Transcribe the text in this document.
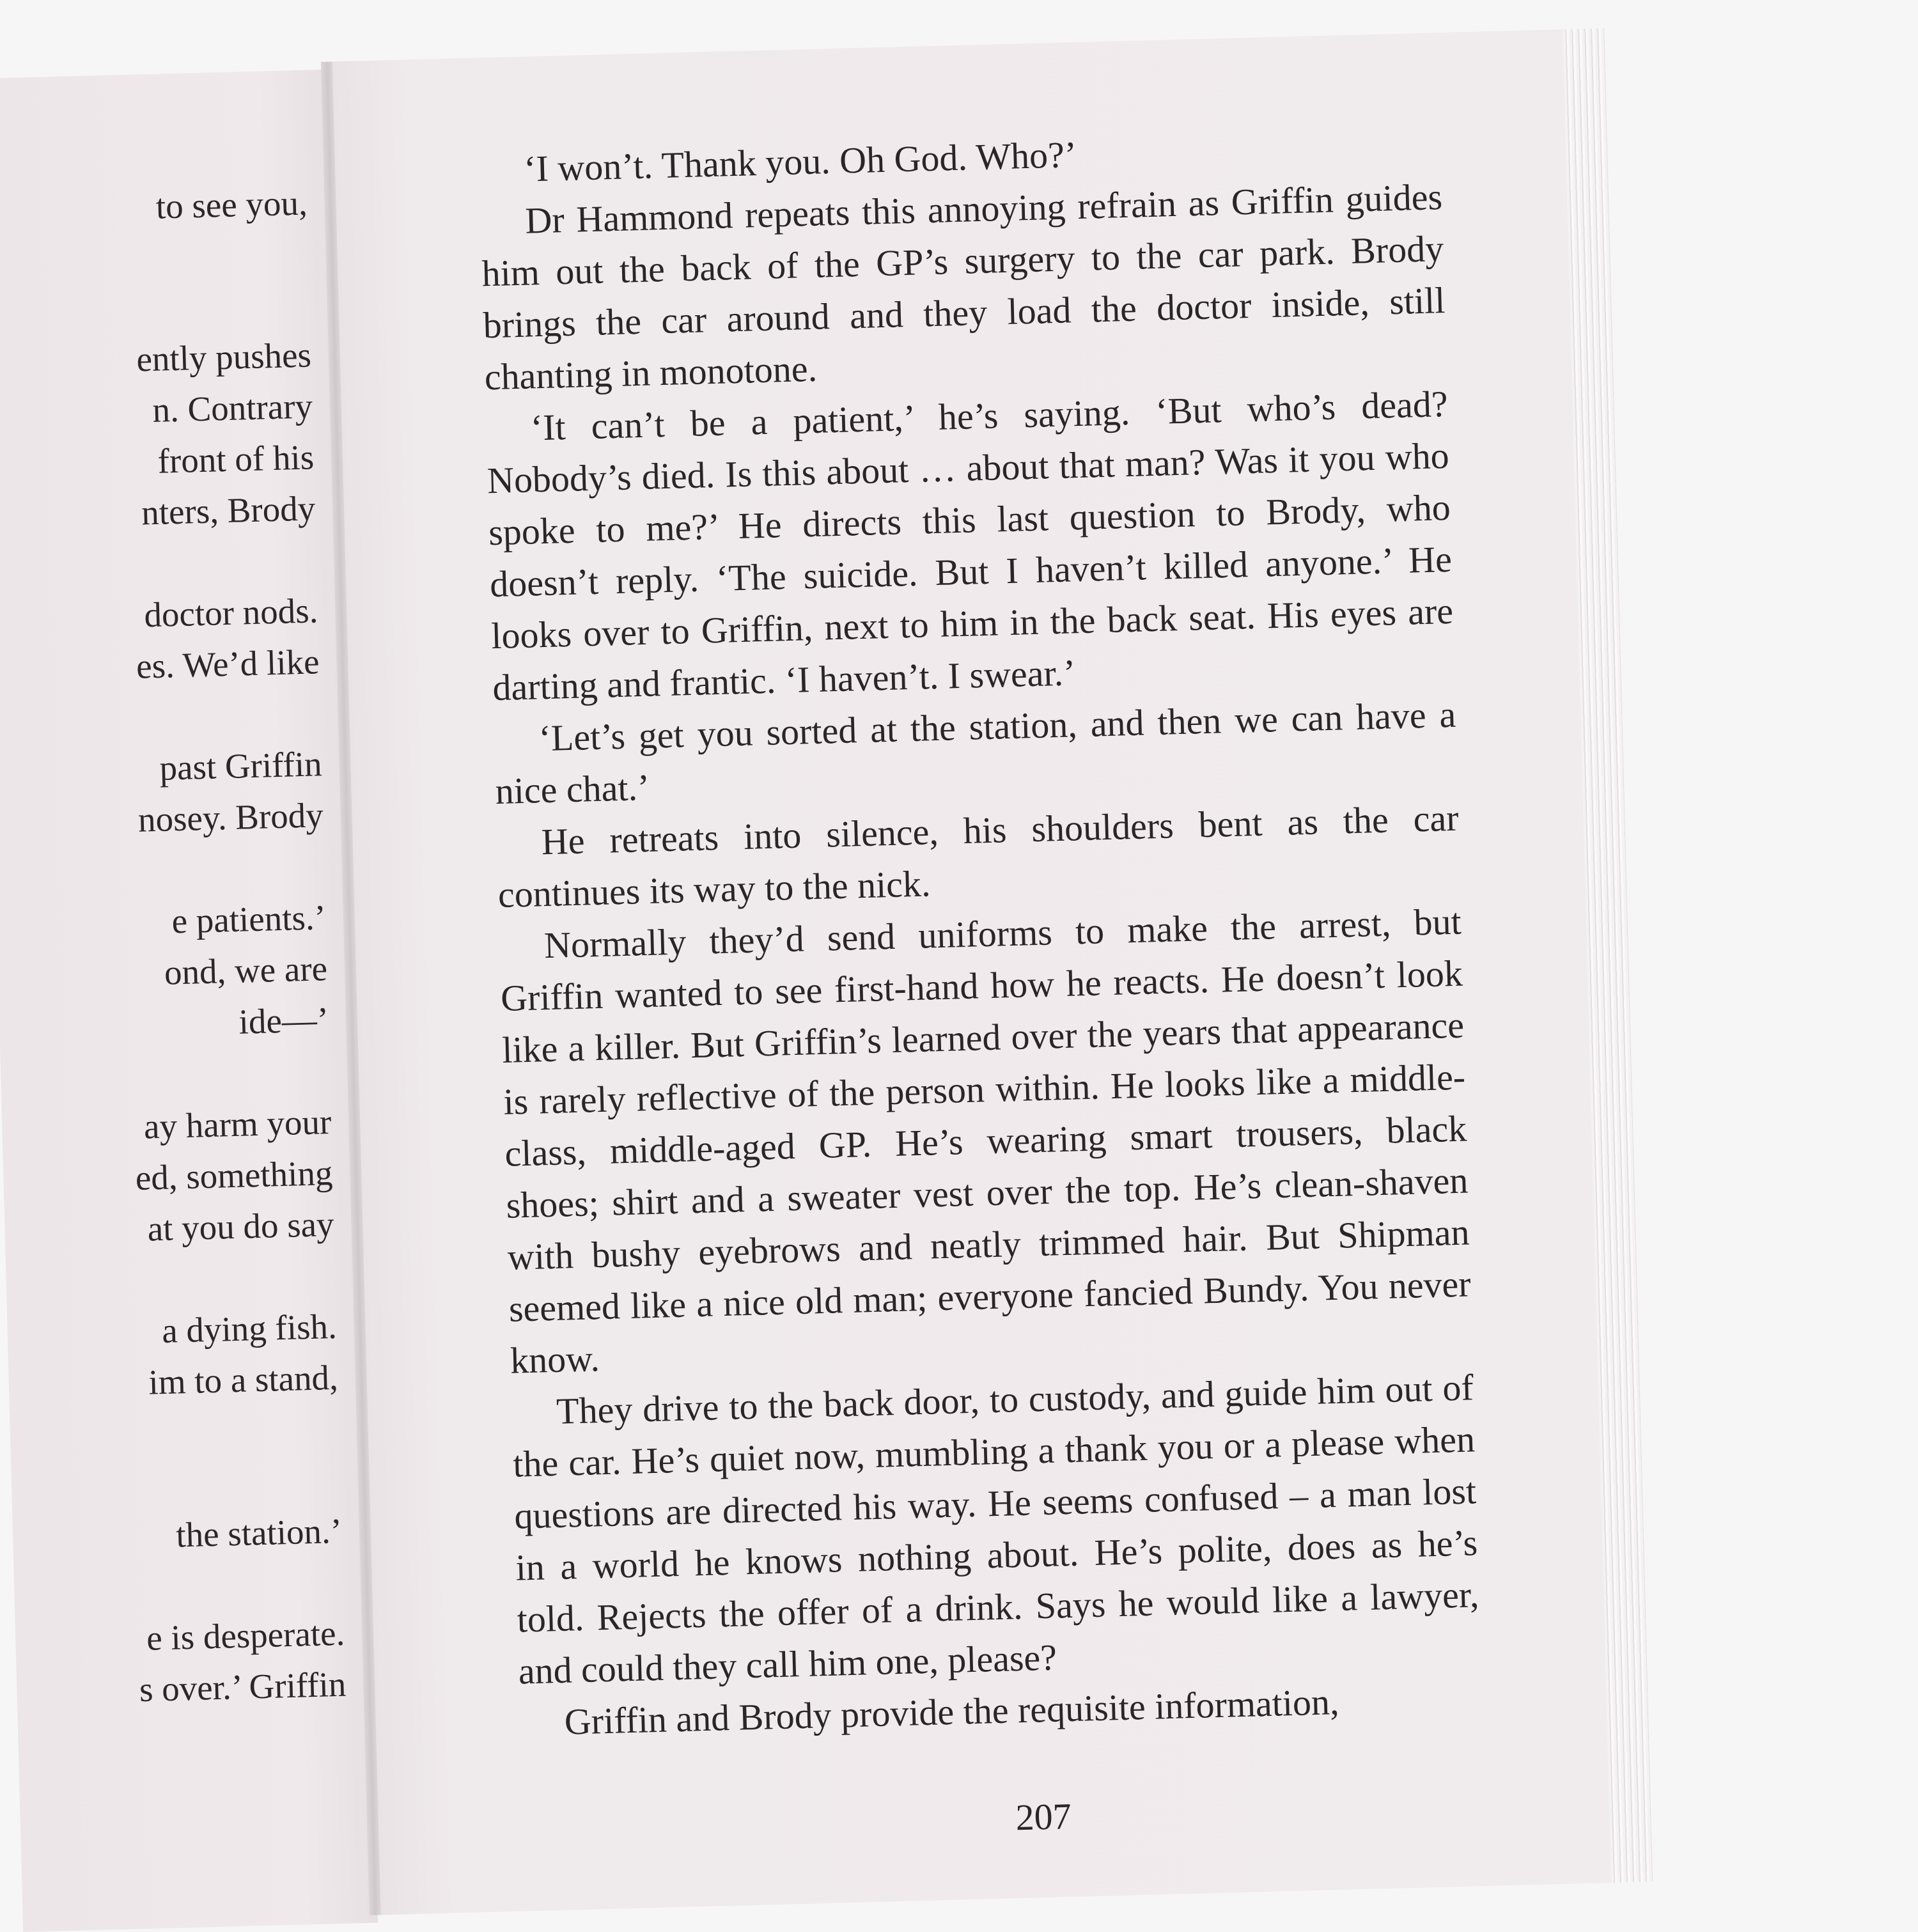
to see you,
ently pushes
n. Contrary
front of his
nters, Brody
doctor nods.
es. We’d like
past Griffin
nosey. Brody
e patients.’
ond, we are
ide—’
ay harm your
ed, something
at you do say
a dying fish.
im to a stand,
the station.’
e is desperate.
s over.’ Griffin

‘I won’t. Thank you. Oh God. Who?’

Dr Hammond repeats this annoying refrain as Griffin guides him out the back of the GP’s surgery to the car park. Brody brings the car around and they load the doctor inside, still chanting in monotone.

‘It can’t be a patient,’ he’s saying. ‘But who’s dead? Nobody’s died. Is this about … about that man? Was it you who spoke to me?’ He directs this last question to Brody, who doesn’t reply. ‘The suicide. But I haven’t killed anyone.’ He looks over to Griffin, next to him in the back seat. His eyes are darting and frantic. ‘I haven’t. I swear.’

‘Let’s get you sorted at the station, and then we can have a nice chat.’

He retreats into silence, his shoulders bent as the car continues its way to the nick.

Normally they’d send uniforms to make the arrest, but Griffin wanted to see first-hand how he reacts. He doesn’t look like a killer. But Griffin’s learned over the years that appearance is rarely reflective of the person within. He looks like a middle-class, middle-aged GP. He’s wearing smart trousers, black shoes; shirt and a sweater vest over the top. He’s clean-shaven with bushy eyebrows and neatly trimmed hair. But Shipman seemed like a nice old man; everyone fancied Bundy. You never know.

They drive to the back door, to custody, and guide him out of the car. He’s quiet now, mumbling a thank you or a please when questions are directed his way. He seems confused – a man lost in a world he knows nothing about. He’s polite, does as he’s told. Rejects the offer of a drink. Says he would like a lawyer, and could they call him one, please?

Griffin and Brody provide the requisite information,

207
